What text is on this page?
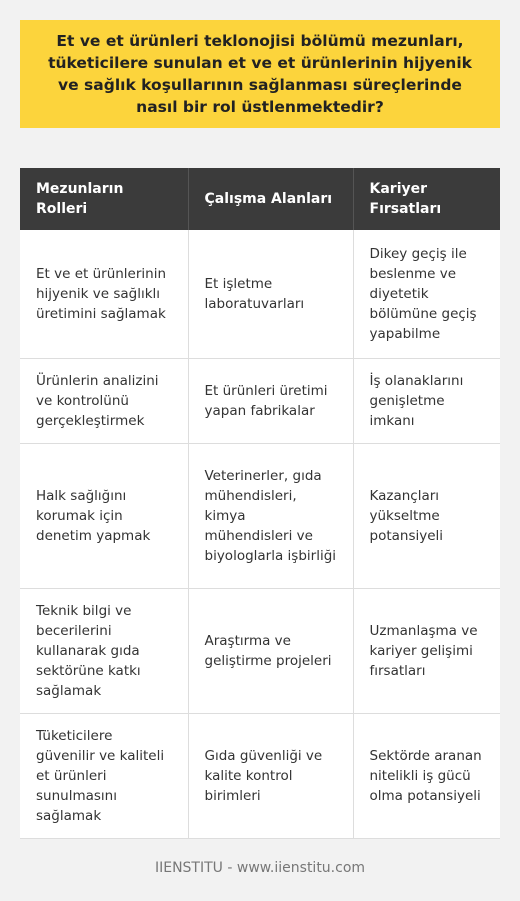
Et ve et ürünleri teklonojisi bölümü mezunları, tüketicilere sunulan et ve et ürünlerinin hijyenik ve sağlık koşullarının sağlanması süreçlerinde nasıl bir rol üstlenmektedir?
Mezunların Rolleri	Çalışma Alanları	Kariyer Fırsatları
Et ve et ürünlerinin hijyenik ve sağlıklı üretimini sağlamak	Et işletme laboratuvarları	Dikey geçiş ile beslenme ve diyetetik bölümüne geçiş yapabilme
Ürünlerin analizini ve kontrolünü gerçekleştirmek	Et ürünleri üretimi yapan fabrikalar	İş olanaklarını genişletme imkanı
Halk sağlığını korumak için denetim yapmak	Veterinerler, gıda mühendisleri, kimya mühendisleri ve biyologlarla işbirliği	Kazançları yükseltme potansiyeli
Teknik bilgi ve becerilerini kullanarak gıda sektörüne katkı sağlamak	Araştırma ve geliştirme projeleri	Uzmanlaşma ve kariyer gelişimi fırsatları
Tüketicilere güvenilir ve kaliteli et ürünleri sunulmasını sağlamak	Gıda güvenliği ve kalite kontrol birimleri	Sektörde aranan nitelikli iş gücü olma potansiyeli
IIENSTITU - www.iienstitu.com
